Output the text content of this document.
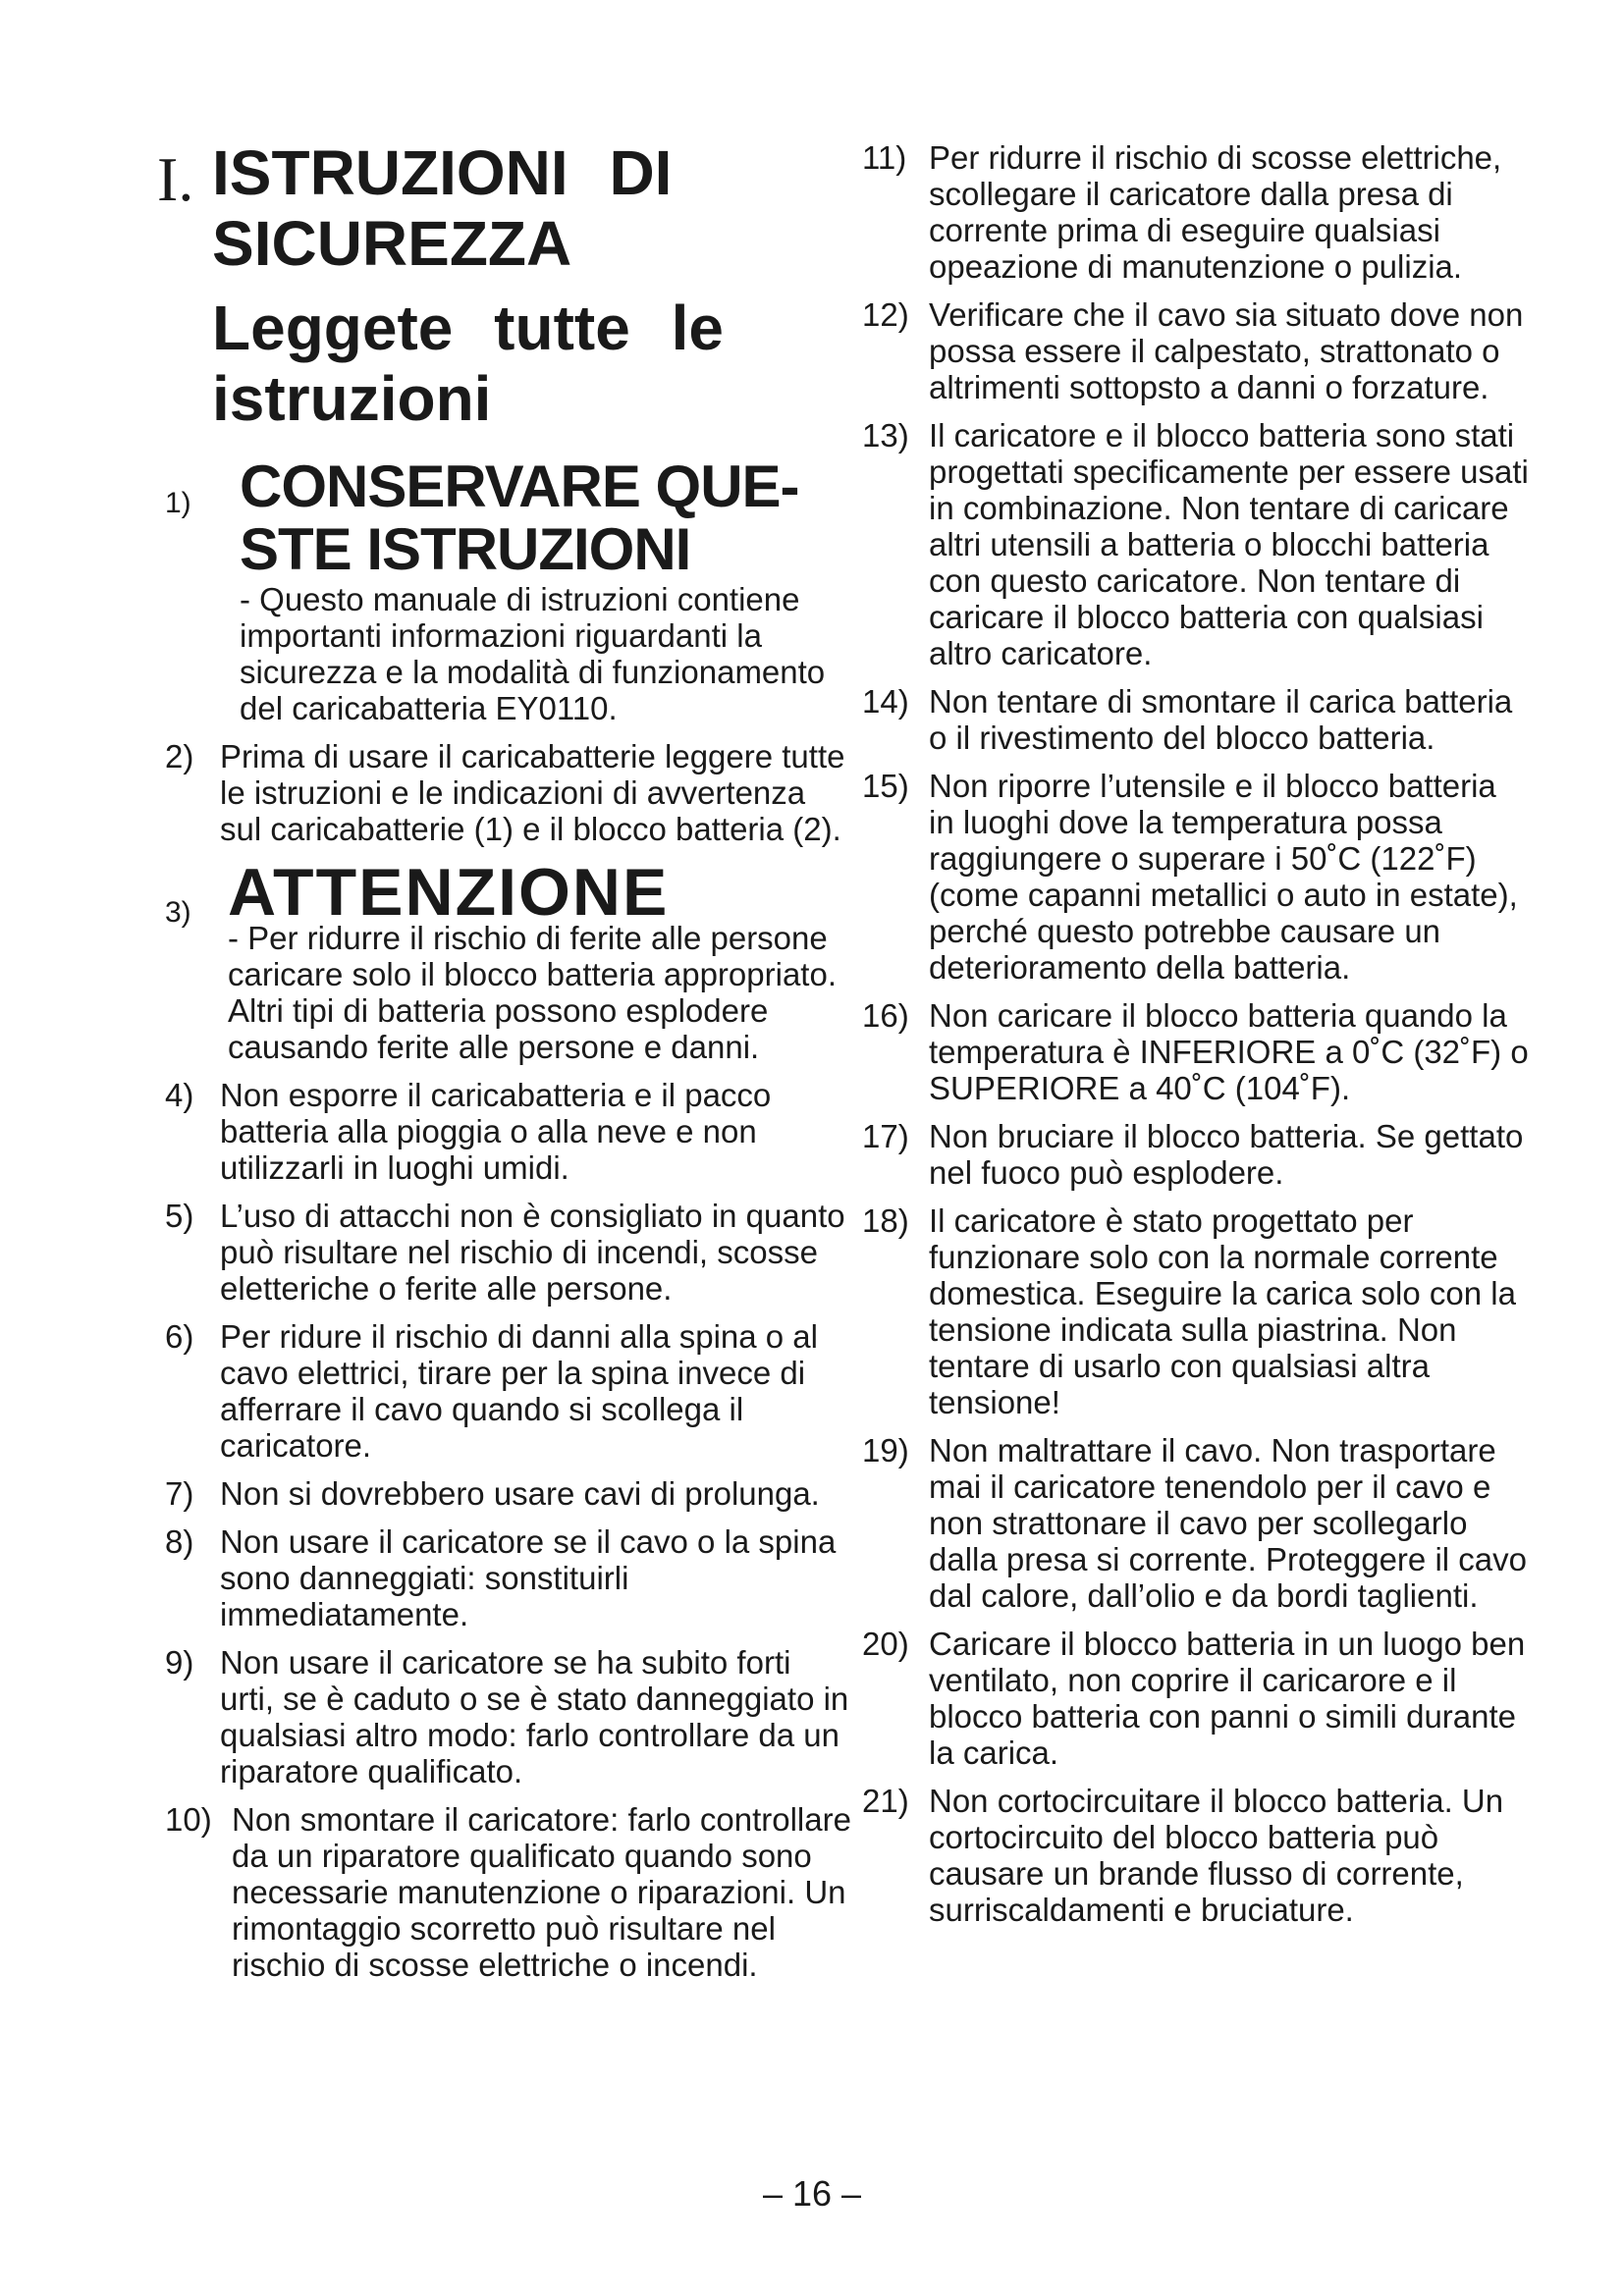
I. ISTRUZIONI DI SICUREZZA
Leggete tutte le istruzioni
1) CONSERVARE QUE-STE ISTRUZIONI
- Questo manuale di istruzioni contiene importanti informazioni riguardanti la sicurezza e la modalità di funzionamento del caricabatteria EY0110.
2) Prima di usare il caricabatterie leggere tutte le istruzioni e le indicazioni di avvertenza sul caricabatterie (1) e il blocco batteria (2).
3) ATTENZIONE
- Per ridurre il rischio di ferite alle persone caricare solo il blocco batteria appropriato. Altri tipi di batteria possono esplodere causando ferite alle persone e danni.
4) Non esporre il caricabatteria e il pacco batteria alla pioggia o alla neve e non utilizzarli in luoghi umidi.
5) L’uso di attacchi non è consigliato in quanto può risultare nel rischio di incendi, scosse eletteriche o ferite alle persone.
6) Per ridure il rischio di danni alla spina o al cavo elettrici, tirare per la spina invece di afferrare il cavo quando si scollega il caricatore.
7) Non si dovrebbero usare cavi di prolunga.
8) Non usare il caricatore se il cavo o la spina sono danneggiati: sonstituirli immediatamente.
9) Non usare il caricatore se ha subito forti urti, se è caduto o se è stato danneggiato in qualsiasi altro modo: farlo controllare da un riparatore qualificato.
10) Non smontare il caricatore: farlo controllare da un riparatore qualificato quando sono necessarie manutenzione o riparazioni. Un rimontaggio scorretto può risultare nel rischio di scosse elettriche o incendi.
11) Per ridurre il rischio di scosse elettriche, scollegare il caricatore dalla presa di corrente prima di eseguire qualsiasi opeazione di manutenzione o pulizia.
12) Verificare che il cavo sia situato dove non possa essere il calpestato, strattonato o altrimenti sottopsto a danni o forzature.
13) Il caricatore e il blocco batteria sono stati progettati specificamente per essere usati in combinazione. Non tentare di caricare altri utensili a batteria o blocchi batteria con questo caricatore. Non tentare di caricare il blocco batteria con qualsiasi altro caricatore.
14) Non tentare di smontare il carica batteria o il rivestimento del blocco batteria.
15) Non riporre l’utensile e il blocco batteria in luoghi dove la temperatura possa raggiungere o superare i 50˚C (122˚F) (come capanni metallici o auto in estate), perché questo potrebbe causare un deterioramento della batteria.
16) Non caricare il blocco batteria quando la temperatura è INFERIORE a 0˚C (32˚F) o SUPERIORE a 40˚C (104˚F).
17) Non bruciare il blocco batteria. Se gettato nel fuoco può esplodere.
18) Il caricatore è stato progettato per funzionare solo con la normale corrente domestica. Eseguire la carica solo con la tensione indicata sulla piastrina. Non tentare di usarlo con qualsiasi altra tensione!
19) Non maltrattare il cavo. Non trasportare mai il caricatore tenendolo per il cavo e non strattonare il cavo per scollegarlo dalla presa si corrente. Proteggere il cavo dal calore, dall’olio e da bordi taglienti.
20) Caricare il blocco batteria in un luogo ben ventilato, non coprire il caricarore e il blocco batteria con panni o simili durante la carica.
21) Non cortocircuitare il blocco batteria. Un cortocircuito del blocco batteria può causare un brande flusso di corrente, surriscaldamenti e bruciature.
– 16 –
